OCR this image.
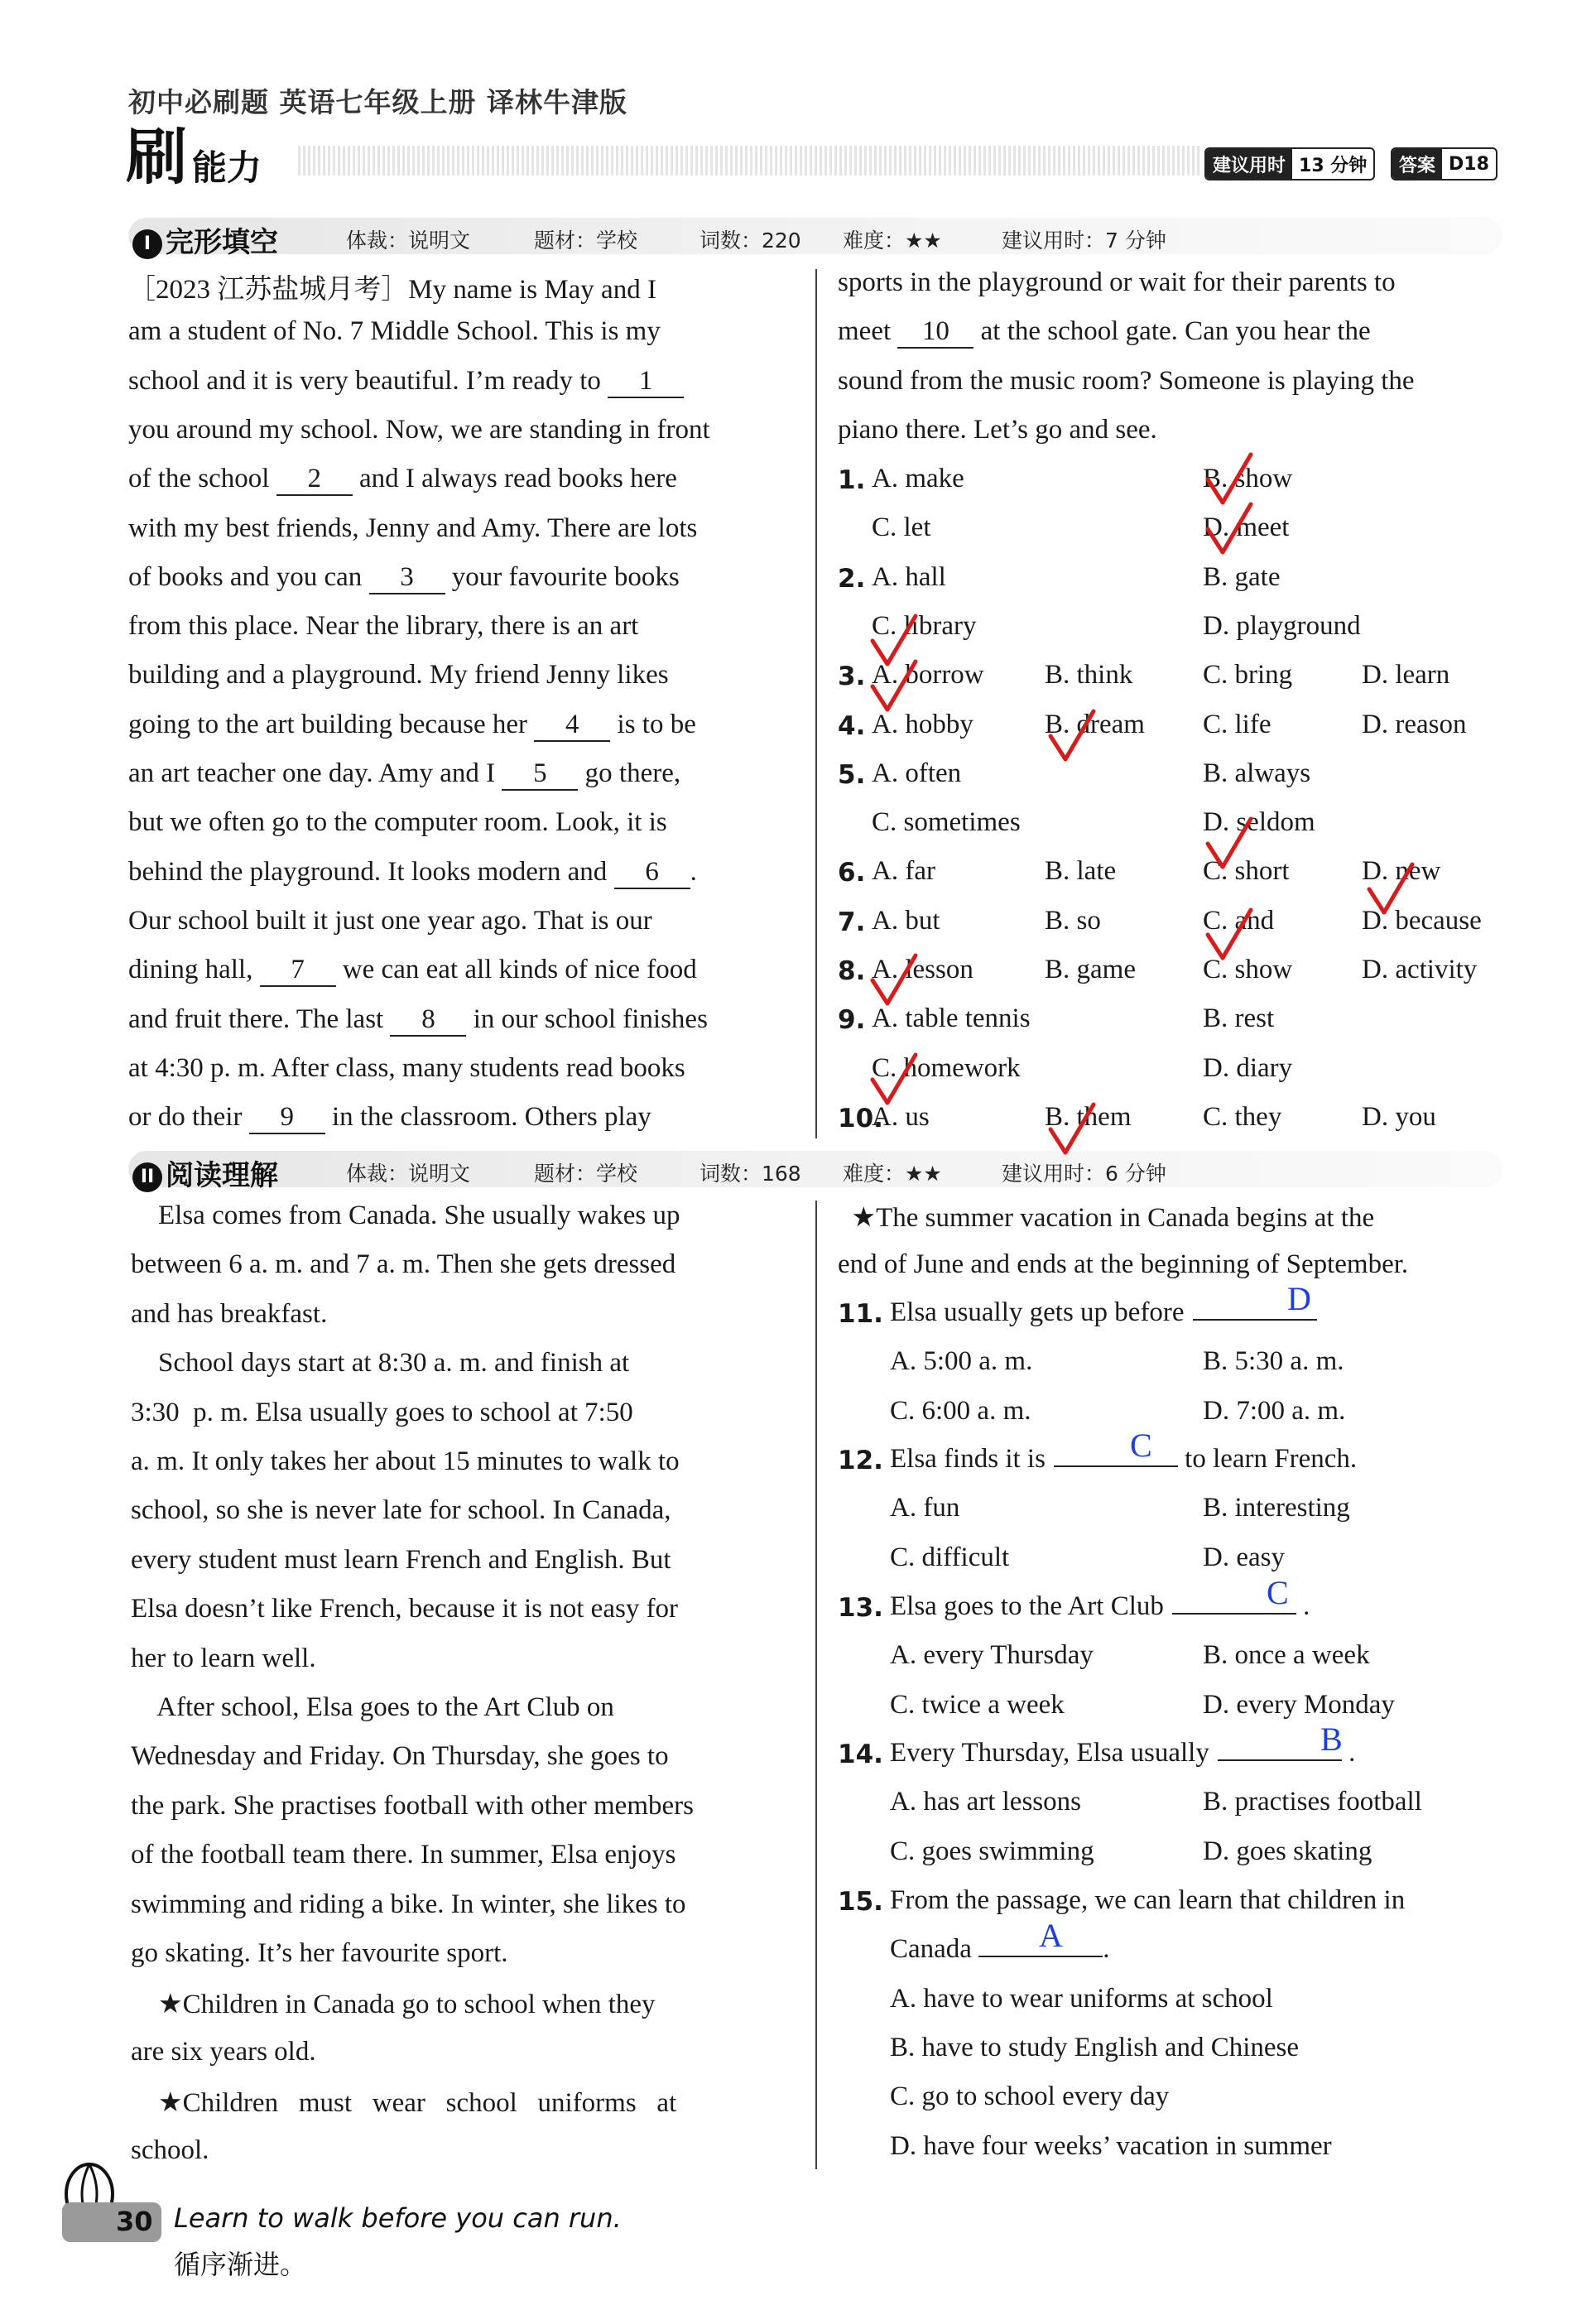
初中必刷题 英语七年级上册 译林牛津版
刷 能力	建议用时 13 分钟	答案 D18
I 完形填空	体裁：说明文	题材：学校	词数：220 难度：★★	建议用时：7 分钟
［2023 江苏盐城月考］My name is May and I
am a student of No. 7 Middle School. This is my
school and it is very beautiful. I’m ready to 1
you around my school. Now, we are standing in front
of the school 2 and I always read books here
with my best friends, Jenny and Amy. There are lots
of books and you can 3 your favourite books
from this place. Near the library, there is an art
building and a playground. My friend Jenny likes
going to the art building because her 4 is to be
an art teacher one day. Amy and I 5 go there,
but we often go to the computer room. Look, it is
behind the playground. It looks modern and 6 .
Our school built it just one year ago. That is our
dining hall, 7 we can eat all kinds of nice food
and fruit there. The last 8 in our school finishes
at 4:30 p. m. After class, many students read books
or do their 9 in the classroom. Others play
sports in the playground or wait for their parents to
meet 10 at the school gate. Can you hear the
sound from the music room? Someone is playing the
piano there. Let’s go and see.
1. A. make	B. show
C. let	D. meet
2. A. hall	B. gate
C. library	D. playground
3. A. borrow B. think	C. bring	D. learn
4. A. hobby	B. dream C. life	D. reason
5. A. often	B. always
C. sometimes	D. seldom
6. A. far	B. late	C. short	D. new
7. A. but	B. so	C. and	D. because
8. A. lesson	B. game C. show	D. activity
9. A. table tennis	B. rest
C. homework	D. diary
10.
A. us	B. them	C. they	D. you
II 阅读理解	体裁：说明文	题材：学校	词数：168 难度：★★	建议用时：6 分钟
Elsa comes from Canada. She usually wakes up
between 6 a. m. and 7 a. m. Then she gets dressed
and has breakfast.
School days start at 8:30 a. m. and finish at
3:30  p. m. Elsa usually goes to school at 7:50
a. m. It only takes her about 15 minutes to walk to
school, so she is never late for school. In Canada,
every student must learn French and English. But
Elsa doesn’t like French, because it is not easy for
her to learn well.
After school, Elsa goes to the Art Club on
Wednesday and Friday. On Thursday, she goes to
the park. She practises football with other members
of the football team there. In summer, Elsa enjoys
swimming and riding a bike. In winter, she likes to
go skating. It’s her favourite sport.
★Children in Canada go to school when they
are six years old.
★Children   must   wear   school   uniforms   at
school.
★The summer vacation in Canada begins at the
end of June and ends at the beginning of September.
11. Elsa usually gets up before	D
A. 5:00 a. m.	B. 5:30 a. m.
C. 6:00 a. m.	D. 7:00 a. m.
12. Elsa finds it is	to learn French.
C
A. fun	B. interesting
C. difficult	D. easy
13. Elsa goes to the Art Club	.
C
A. every Thursday	B. once a week
C. twice a week	D. every Monday
14. Every Thursday, Elsa usually	.
B
A. has art lessons	B. practises football
C. goes swimming	D. goes skating
15. From the passage, we can learn that children in
Canada	.
A
A. have to wear uniforms at school
B. have to study English and Chinese
C. go to school every day
D. have four weeks’ vacation in summer
30 Learn to walk before you can run.
循序渐进。
